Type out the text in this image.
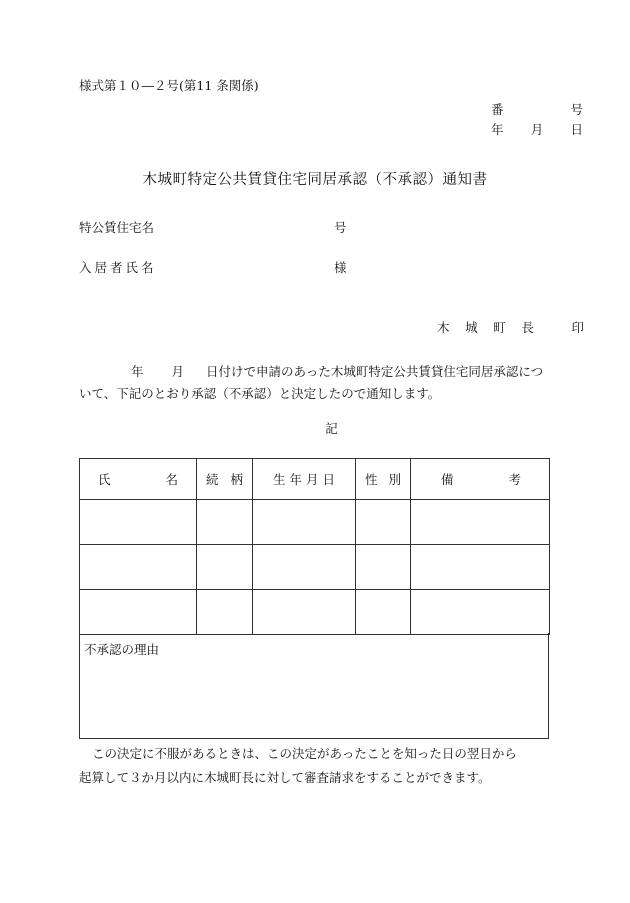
様式第１０―２号(第11 条関係)
番	号
年 月 日
木城町特定公共賃貸住宅同居承認（不承認）通知書
特公賃住宅名	号
入居者氏名	様
木 城 町 長	印
年 月 日付けで申請のあった木城町特定公共賃貸住宅同居承認につ
いて、下記のとおり承認（不承認）と決定したので通知します。
記
氏 名	続 柄	生 年 月 日	性 別	備 考

不承認の理由
この決定に不服があるときは、この決定があったことを知った日の翌日から
起算して３か月以内に木城町長に対して審査請求をすることができます。
